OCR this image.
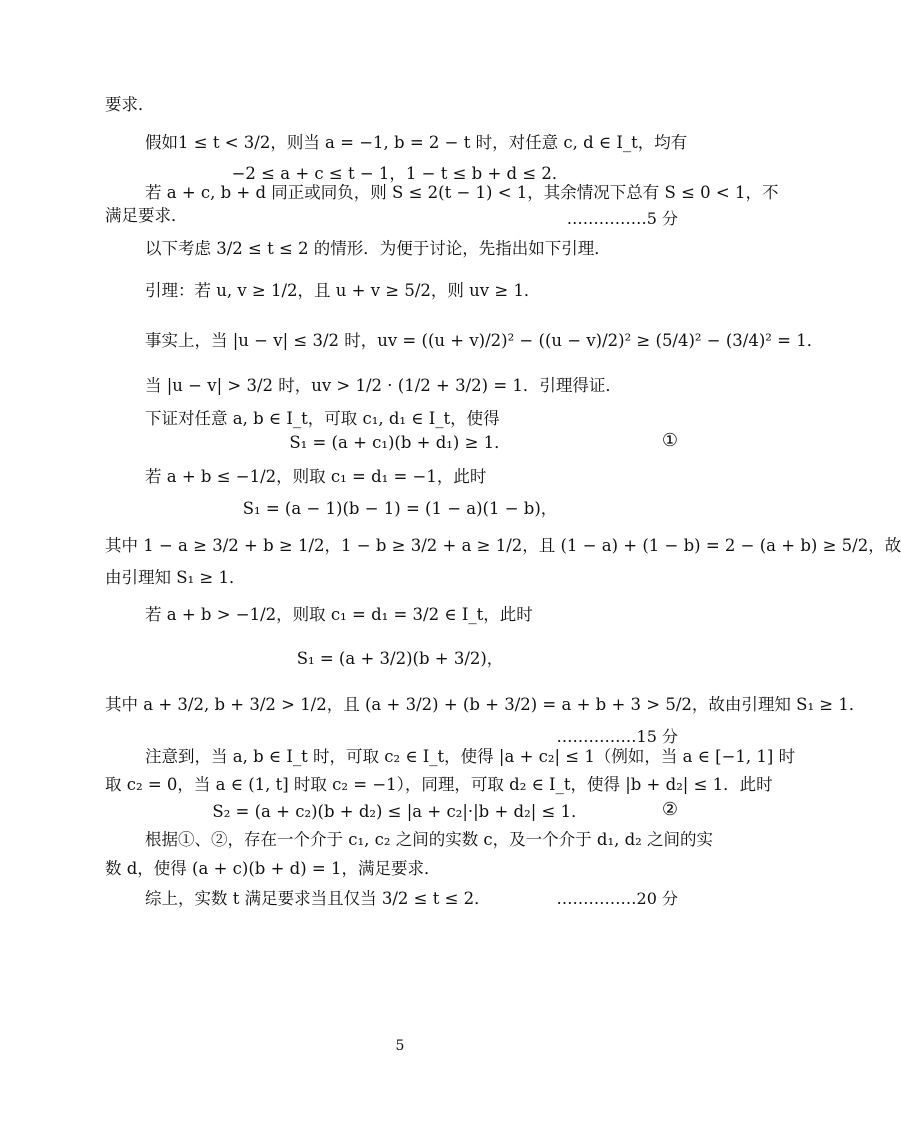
要求．
假如1 ≤ t < 3/2，则当 a = −1, b = 2 − t 时，对任意 c, d ∈ I_t，均有
−2 ≤ a + c ≤ t − 1，1 − t ≤ b + d ≤ 2．
若 a + c, b + d 同正或同负，则 S ≤ 2(t − 1) < 1，其余情况下总有 S ≤ 0 < 1，不
满足要求．	……………5 分
以下考虑 3/2 ≤ t ≤ 2 的情形．为便于讨论，先指出如下引理．
引理：若 u, v ≥ 1/2，且 u + v ≥ 5/2，则 uv ≥ 1．
事实上，当 |u − v| ≤ 3/2 时，uv = ((u + v)/2)² − ((u − v)/2)² ≥ (5/4)² − (3/4)² = 1．
当 |u − v| > 3/2 时，uv > 1/2 · (1/2 + 3/2) = 1．引理得证．
下证对任意 a, b ∈ I_t，可取 c₁, d₁ ∈ I_t，使得
S₁ = (a + c₁)(b + d₁) ≥ 1．	①
若 a + b ≤ −1/2，则取 c₁ = d₁ = −1，此时
S₁ = (a − 1)(b − 1) = (1 − a)(1 − b)，
其中 1 − a ≥ 3/2 + b ≥ 1/2，1 − b ≥ 3/2 + a ≥ 1/2，且 (1 − a) + (1 − b) = 2 − (a + b) ≥ 5/2，故
由引理知 S₁ ≥ 1．
若 a + b > −1/2，则取 c₁ = d₁ = 3/2 ∈ I_t，此时
S₁ = (a + 3/2)(b + 3/2)，
其中 a + 3/2, b + 3/2 > 1/2，且 (a + 3/2) + (b + 3/2) = a + b + 3 > 5/2，故由引理知 S₁ ≥ 1．
……………15 分
注意到，当 a, b ∈ I_t 时，可取 c₂ ∈ I_t，使得 |a + c₂| ≤ 1（例如，当 a ∈ [−1, 1] 时
取 c₂ = 0，当 a ∈ (1, t] 时取 c₂ = −1），同理，可取 d₂ ∈ I_t，使得 |b + d₂| ≤ 1．此时
S₂ = (a + c₂)(b + d₂) ≤ |a + c₂|·|b + d₂| ≤ 1．	②
根据①、②，存在一个介于 c₁, c₂ 之间的实数 c，及一个介于 d₁, d₂ 之间的实
数 d，使得 (a + c)(b + d) = 1，满足要求．
综上，实数 t 满足要求当且仅当 3/2 ≤ t ≤ 2．	……………20 分
5
